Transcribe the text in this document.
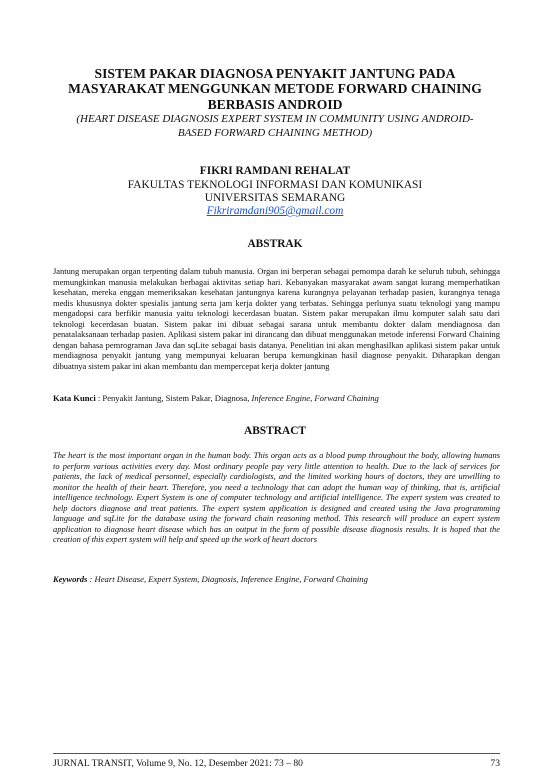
SISTEM PAKAR DIAGNOSA PENYAKIT JANTUNG PADA
MASYARAKAT MENGGUNKAN METODE FORWARD CHAINING
BERBASIS ANDROID
(HEART DISEASE DIAGNOSIS EXPERT SYSTEM IN COMMUNITY USING ANDROID-
BASED FORWARD CHAINING METHOD)
FIKRI RAMDANI REHALAT
FAKULTAS TEKNOLOGI INFORMASI DAN KOMUNIKASI
UNIVERSITAS SEMARANG
Fikriramdani905@gmail.com
ABSTRAK
Jantung merupakan organ terpenting dalam tubuh manusia. Organ ini berperan sebagai pemompa darah ke seluruh tubuh, sehingga memungkinkan manusia melakukan berbagai aktivitas setiap hari. Kebanyakan masyarakat awam sangat kurang memperhatikan kesehatan, mereka enggan memeriksakan kesehatan jantungnya karena kurangnya pelayanan terhadap pasien, kurangnya tenaga medis khususnya dokter spesialis jantung serta jam kerja dokter yang terbatas. Sehingga perlunya suatu teknologi yang mampu mengadopsi cara berfikir manusia yaitu teknologi kecerdasan buatan. Sistem pakar merupakan ilmu komputer salah satu dari teknologi kecerdasan buatan. Sistem pakar ini dibuat sebagai sarana untuk membantu dokter dalam mendiagnosa dan penatalaksanaan terhadap pasien. Aplikasi sistem pakar ini dirancang dan dibuat menggunakan metode inferensi Forward Chaining dengan bahasa pemrograman Java dan sqLite sebagai basis datanya. Penelitian ini akan menghasilkan aplikasi sistem pakar untuk mendiagnosa penyakit jantung yang mempunyai keluaran berupa kemungkinan hasil diagnose penyakit. Diharapkan dengan dibuatnya sistem pakar ini akan membantu dan mempercepat kerja dokter jantung
Kata Kunci : Penyakit Jantung, Sistem Pakar, Diagnosa, Inference Engine, Forward Chaining
ABSTRACT
The heart is the most important organ in the human body. This organ acts as a blood pump throughout the body, allowing humans to perform various activities every day. Most ordinary people pay very little attention to health. Due to the lack of services for patients, the lack of medical personnel, especially cardiologists, and the limited working hours of doctors, they are unwilling to monitor the health of their heart. Therefore, you need a technology that can adopt the human way of thinking, that is, artificial intelligence technology. Expert System is one of computer technology and artificial intelligence. The expert system was created to help doctors diagnose and treat patients. The expert system application is designed and created using the Java programming language and sqLite for the database using the forward chain reasoning method. This research will produce an expert system application to diagnose heart disease which has an output in the form of possible disease diagnosis results. It is hoped that the creation of this expert system will help and speed up the work of heart doctors
Keywords : Heart Disease, Expert System, Diagnosis, Inference Engine, Forward Chaining
JURNAL TRANSIT, Volume 9, No. 12, Desember 2021: 73 – 80	73
